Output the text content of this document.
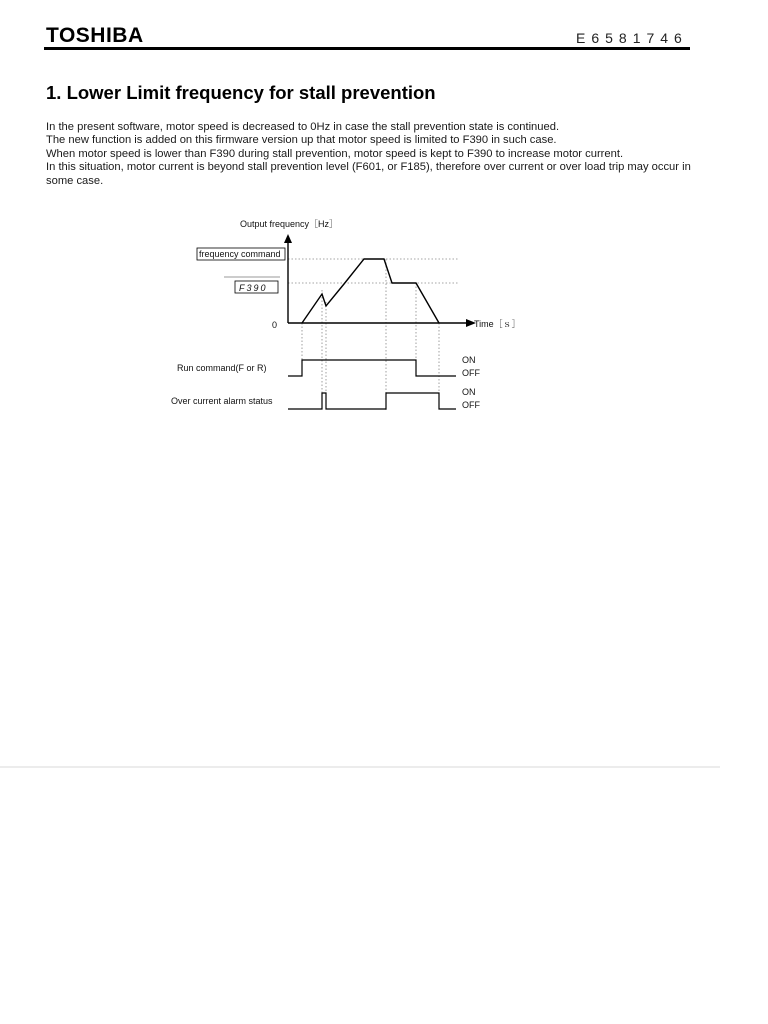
TOSHIBA	E6581746
1. Lower Limit frequency for stall prevention

In the present software, motor speed is decreased to 0Hz in case the stall prevention state is continued.

The new function is added on this firmware version up that motor speed is limited to F390 in such case.

When motor speed is lower than F390 during stall prevention, motor speed is kept to F390 to increase motor current.

In this situation, motor current is beyond stall prevention level (F601, or F185), therefore over current or over load trip may occur in some case.

Output frequency［Hz］
frequency command
F390
0	Time［ｓ］
Run command(F or R)
ON
OFF
Over current alarm status
ON
OFF
